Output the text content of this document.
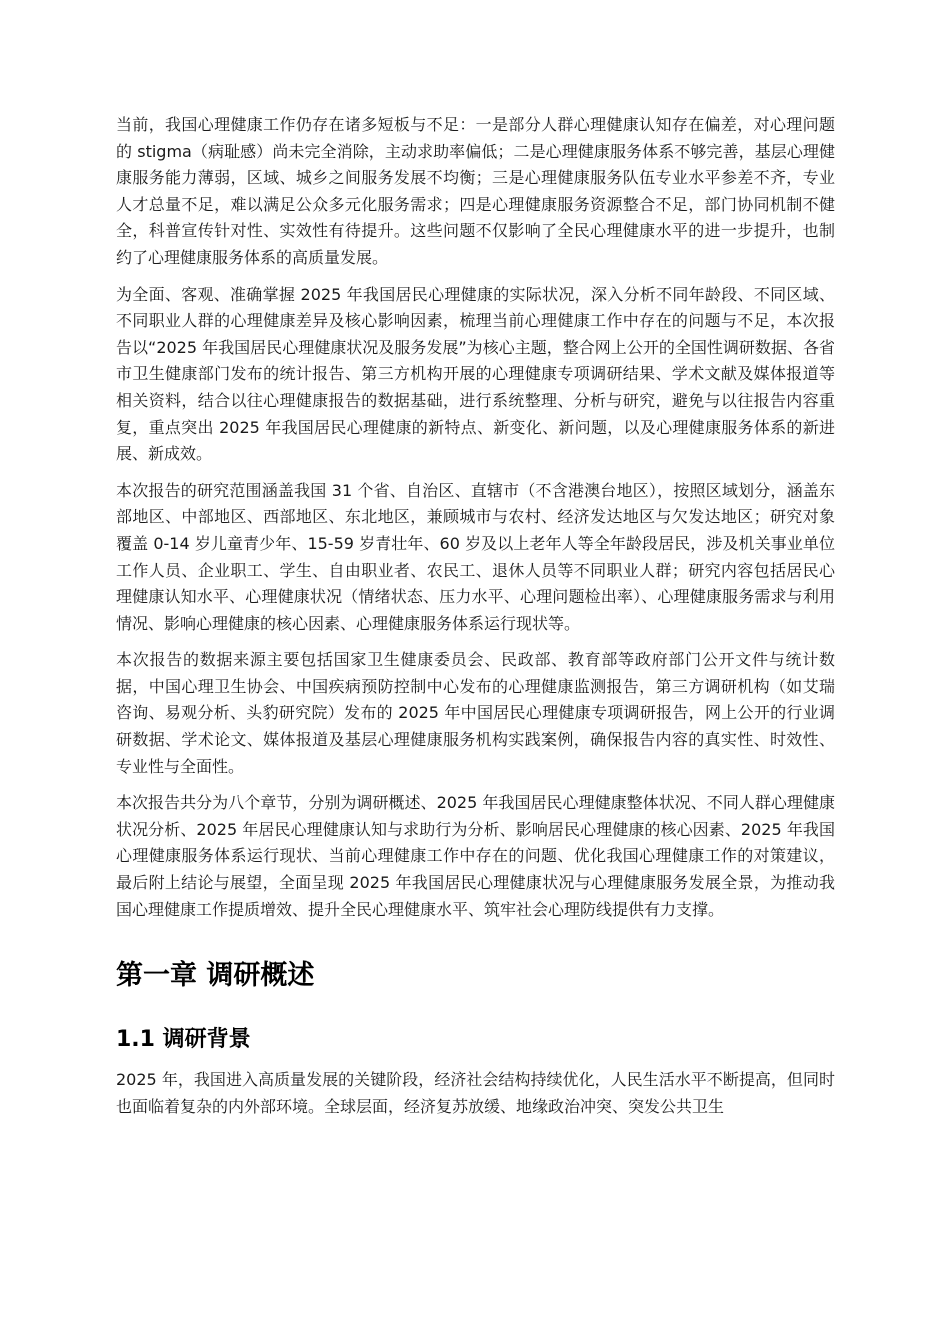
当前，我国心理健康工作仍存在诸多短板与不足：一是部分人群心理健康认知存在偏差，对心理问题的 stigma（病耻感）尚未完全消除，主动求助率偏低；二是心理健康服务体系不够完善，基层心理健康服务能力薄弱，区域、城乡之间服务发展不均衡；三是心理健康服务队伍专业水平参差不齐，专业人才总量不足，难以满足公众多元化服务需求；四是心理健康服务资源整合不足，部门协同机制不健全，科普宣传针对性、实效性有待提升。这些问题不仅影响了全民心理健康水平的进一步提升，也制约了心理健康服务体系的高质量发展。

为全面、客观、准确掌握 2025 年我国居民心理健康的实际状况，深入分析不同年龄段、不同区域、不同职业人群的心理健康差异及核心影响因素，梳理当前心理健康工作中存在的问题与不足，本次报告以“2025 年我国居民心理健康状况及服务发展”为核心主题，整合网上公开的全国性调研数据、各省市卫生健康部门发布的统计报告、第三方机构开展的心理健康专项调研结果、学术文献及媒体报道等相关资料，结合以往心理健康报告的数据基础，进行系统整理、分析与研究，避免与以往报告内容重复，重点突出 2025 年我国居民心理健康的新特点、新变化、新问题，以及心理健康服务体系的新进展、新成效。

本次报告的研究范围涵盖我国 31 个省、自治区、直辖市（不含港澳台地区），按照区域划分，涵盖东部地区、中部地区、西部地区、东北地区，兼顾城市与农村、经济发达地区与欠发达地区；研究对象覆盖 0-14 岁儿童青少年、15-59 岁青壮年、60 岁及以上老年人等全年龄段居民，涉及机关事业单位工作人员、企业职工、学生、自由职业者、农民工、退休人员等不同职业人群；研究内容包括居民心理健康认知水平、心理健康状况（情绪状态、压力水平、心理问题检出率）、心理健康服务需求与利用情况、影响心理健康的核心因素、心理健康服务体系运行现状等。

本次报告的数据来源主要包括国家卫生健康委员会、民政部、教育部等政府部门公开文件与统计数据，中国心理卫生协会、中国疾病预防控制中心发布的心理健康监测报告，第三方调研机构（如艾瑞咨询、易观分析、头豹研究院）发布的 2025 年中国居民心理健康专项调研报告，网上公开的行业调研数据、学术论文、媒体报道及基层心理健康服务机构实践案例，确保报告内容的真实性、时效性、专业性与全面性。

本次报告共分为八个章节，分别为调研概述、2025 年我国居民心理健康整体状况、不同人群心理健康状况分析、2025 年居民心理健康认知与求助行为分析、影响居民心理健康的核心因素、2025 年我国心理健康服务体系运行现状、当前心理健康工作中存在的问题、优化我国心理健康工作的对策建议，最后附上结论与展望，全面呈现 2025 年我国居民心理健康状况与心理健康服务发展全景，为推动我国心理健康工作提质增效、提升全民心理健康水平、筑牢社会心理防线提供有力支撑。

第一章 调研概述
1.1 调研背景

2025 年，我国进入高质量发展的关键阶段，经济社会结构持续优化，人民生活水平不断提高，但同时也面临着复杂的内外部环境。全球层面，经济复苏放缓、地缘政治冲突、突发公共卫生
